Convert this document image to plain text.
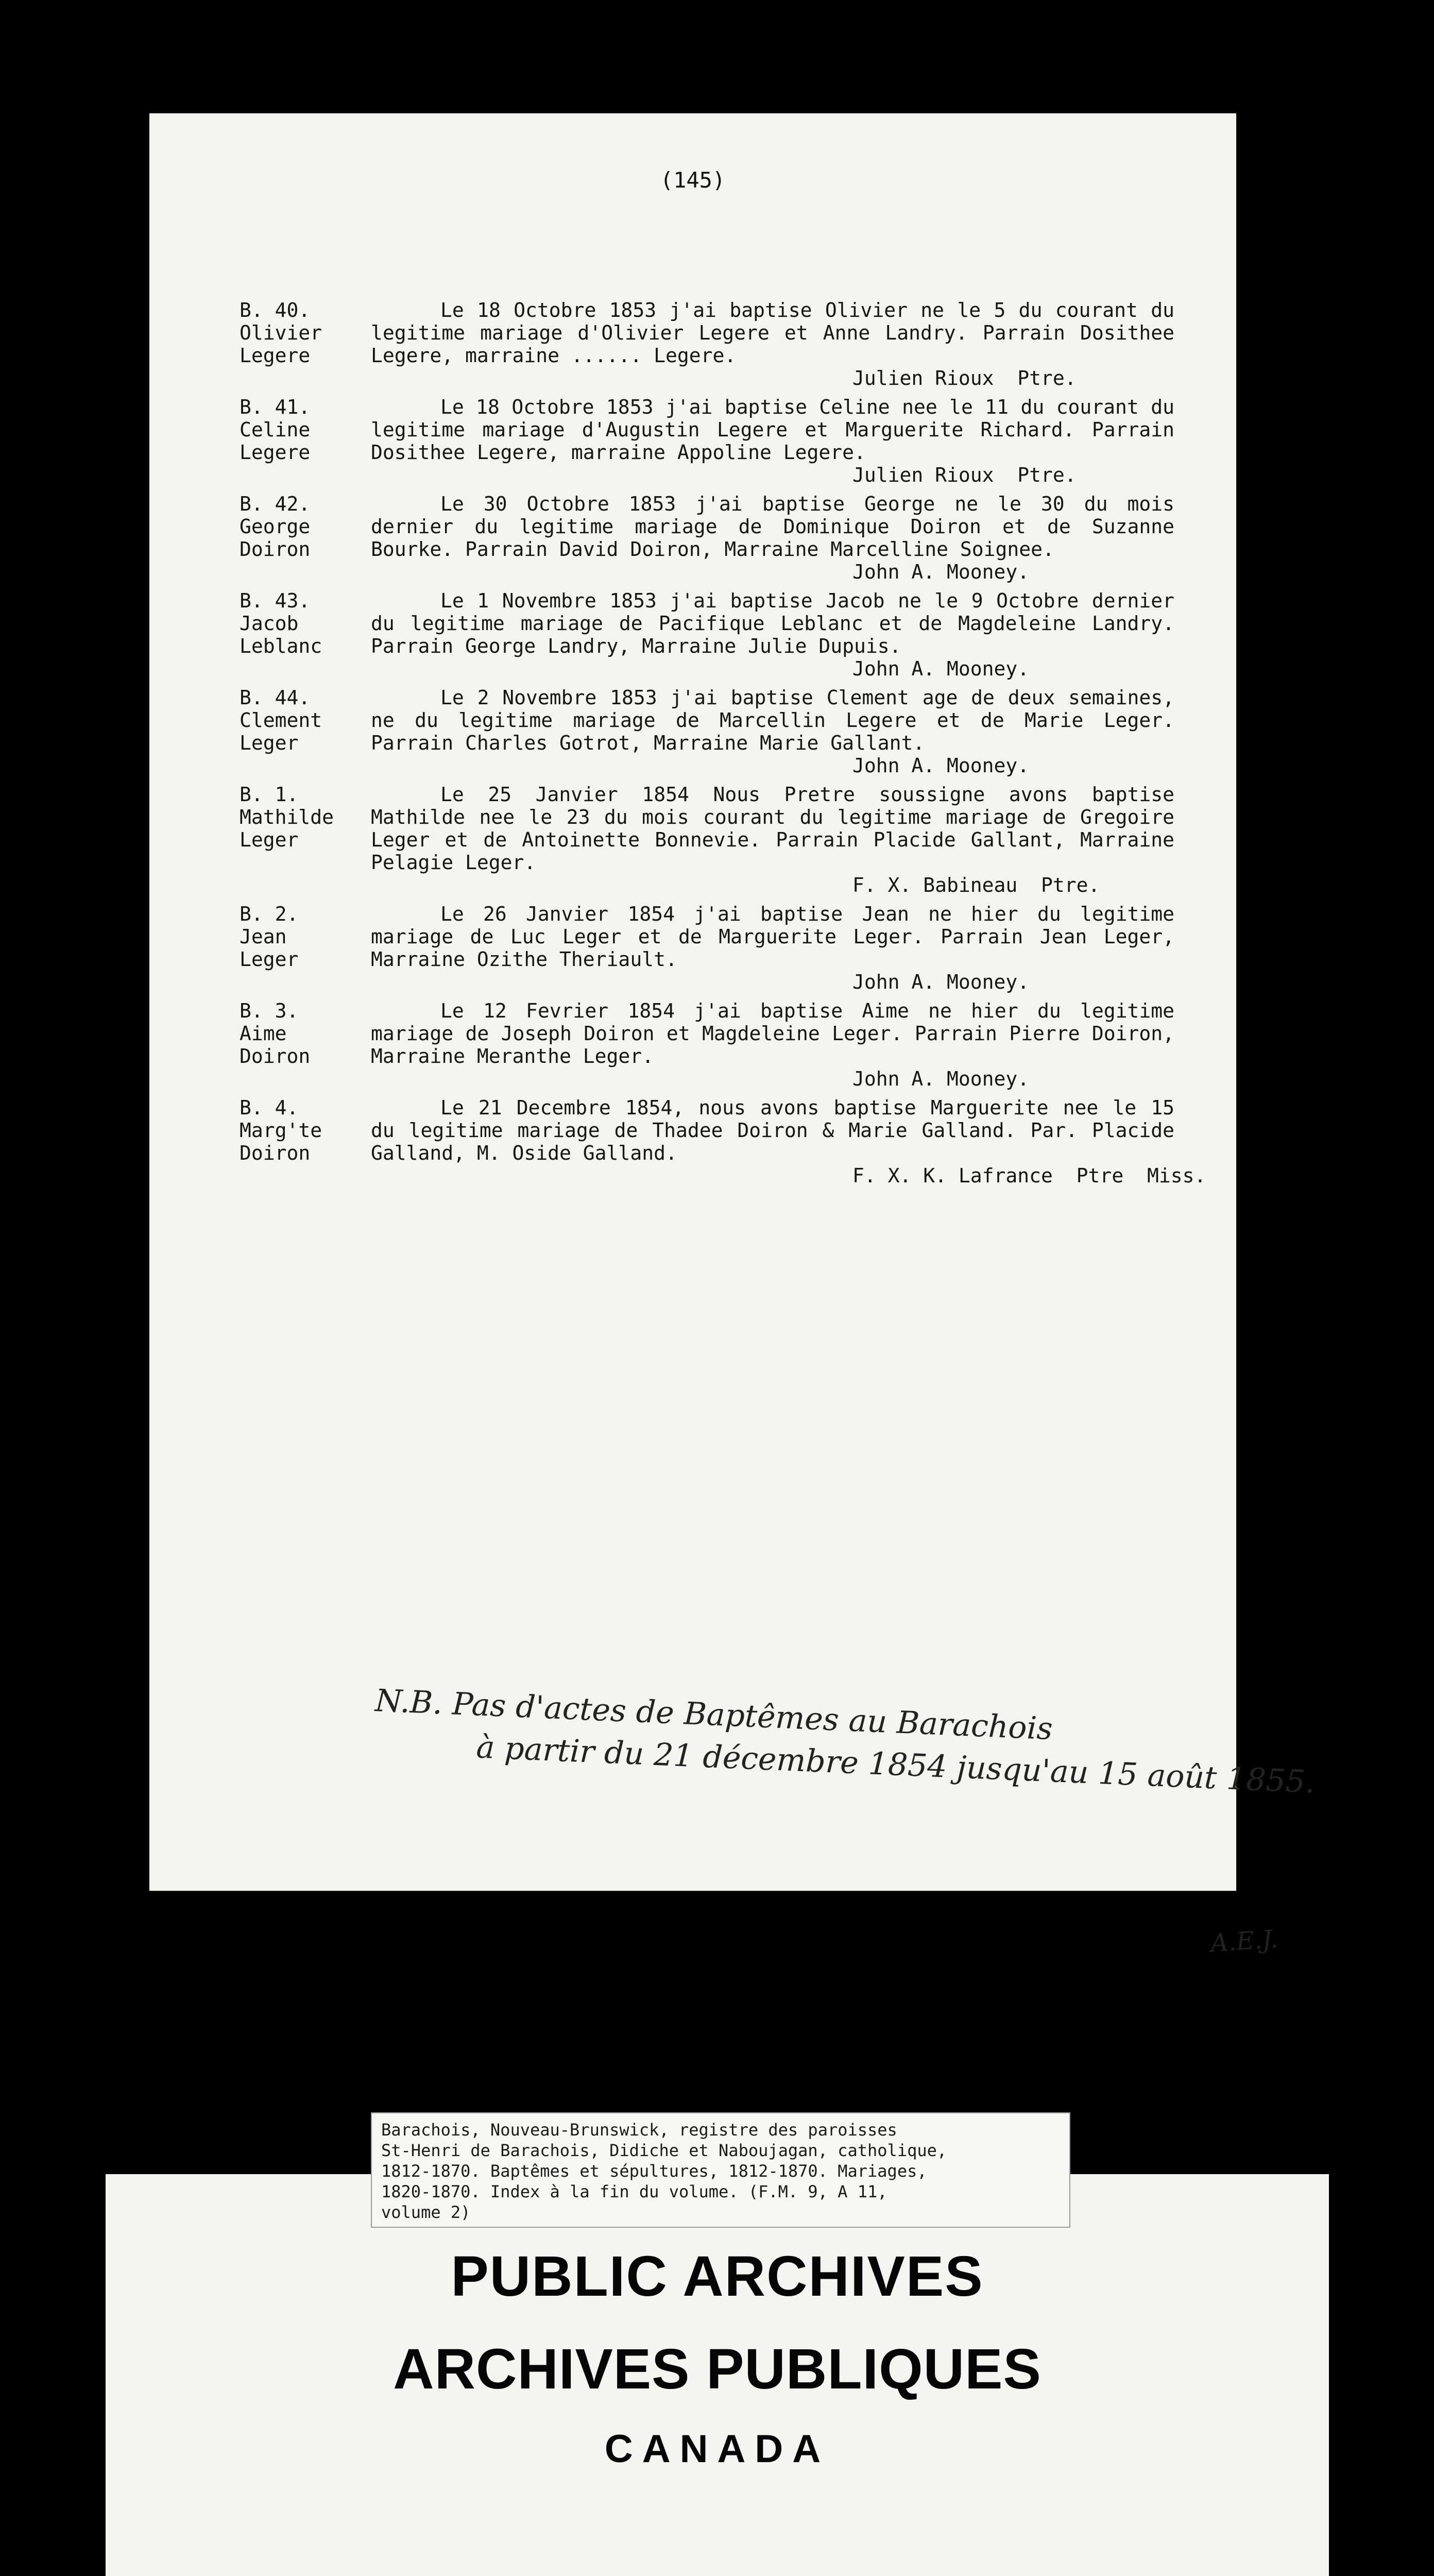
(145)
B. 40.
Olivier
Legere
Le 18 Octobre 1853 j'ai baptise Olivier ne le 5 du courant du legitime mariage d'Olivier Legere et Anne Landry. Parrain Dosithee Legere, marraine ...... Legere.
Julien Rioux  Ptre.
B. 41.
Celine
Legere
Le 18 Octobre 1853 j'ai baptise Celine nee le 11 du courant du legitime mariage d'Augustin Legere et Marguerite Richard. Parrain Dosithee Legere, marraine Appoline Legere.
Julien Rioux  Ptre.
B. 42.
George
Doiron
Le 30 Octobre 1853 j'ai baptise George ne le 30 du mois dernier du legitime mariage de Dominique Doiron et de Suzanne Bourke. Parrain David Doiron, Marraine Marcelline Soignee.
John A. Mooney.
B. 43.
Jacob
Leblanc
Le 1 Novembre 1853 j'ai baptise Jacob ne le 9 Octobre dernier du legitime mariage de Pacifique Leblanc et de Magdeleine Landry. Parrain George Landry, Marraine Julie Dupuis.
John A. Mooney.
B. 44.
Clement
Leger
Le 2 Novembre 1853 j'ai baptise Clement age de deux semaines, ne du legitime mariage de Marcellin Legere et de Marie Leger. Parrain Charles Gotrot, Marraine Marie Gallant.
John A. Mooney.
B. 1.
Mathilde
Leger
Le 25 Janvier 1854 Nous Pretre soussigne avons baptise Mathilde nee le 23 du mois courant du legitime mariage de Gregoire Leger et de Antoinette Bonnevie. Parrain Placide Gallant, Marraine Pelagie Leger.
F. X. Babineau  Ptre.
B. 2.
Jean
Leger
Le 26 Janvier 1854 j'ai baptise Jean ne hier du legitime mariage de Luc Leger et de Marguerite Leger. Parrain Jean Leger, Marraine Ozithe Theriault.
John A. Mooney.
B. 3.
Aime
Doiron
Le 12 Fevrier 1854 j'ai baptise Aime ne hier du legitime mariage de Joseph Doiron et Magdeleine Leger. Parrain Pierre Doiron, Marraine Meranthe Leger.
John A. Mooney.
B. 4.
Marg'te
Doiron
Le 21 Decembre 1854, nous avons baptise Marguerite nee le 15 du legitime mariage de Thadee Doiron & Marie Galland. Par. Placide Galland, M. Oside Galland.
F. X. K. Lafrance  Ptre  Miss.
N.B. Pas d'actes de Baptêmes au Barachois
à partir du 21 décembre 1854 jusqu'au 15 août 1855.
A.E.J.
Barachois, Nouveau-Brunswick, registre des paroisses
St-Henri de Barachois, Didiche et Naboujagan, catholique,
1812-1870. Baptêmes et sépultures, 1812-1870. Mariages,
1820-1870. Index à la fin du volume. (F.M. 9, A 11,
volume 2)
PUBLIC ARCHIVES
ARCHIVES PUBLIQUES
CANADA
